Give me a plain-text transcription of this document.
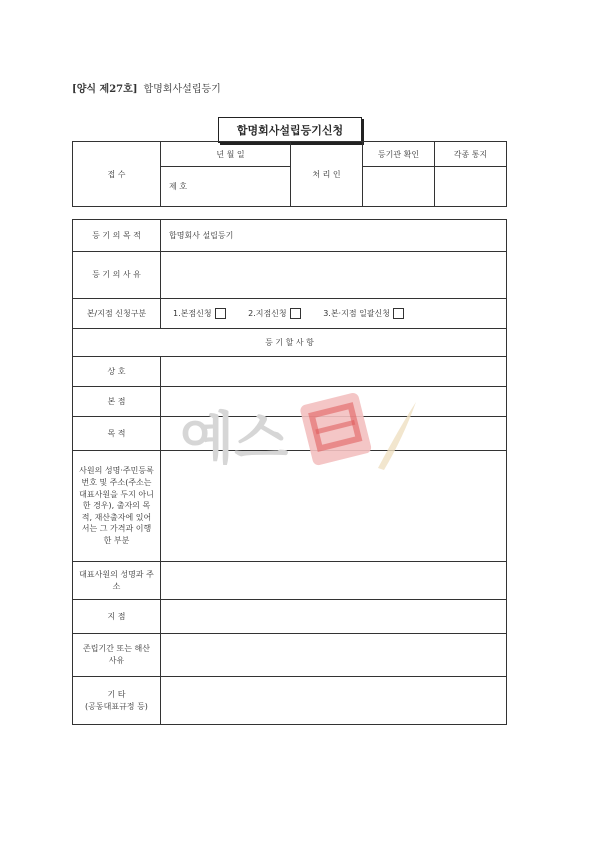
[양식 제27호] 합명회사설립등기
합명회사설립등기신청
접 수	년 월 일	처 리 인	등기관 확인	각종 통지
	제 호			
등 기 의 목 적	합명회사 설립등기
등 기 의 사 유	
본/지점 신청구분	1.본점신청 2.지점신청 3.본·지점 일괄신청
등 기 할 사 항	
상 호	
본 점	
목 적	
사원의 성명·주민등록번호 및 주소(주소는 대표사원을 두지 아니한 경우), 출자의 목적, 재산출자에 있어서는 그 가격과 이행한 부분	
대표사원의 성명과 주소	
지 점	
존립기간 또는 해산사유	

기 타
(공동대표규정 등)	

예스
